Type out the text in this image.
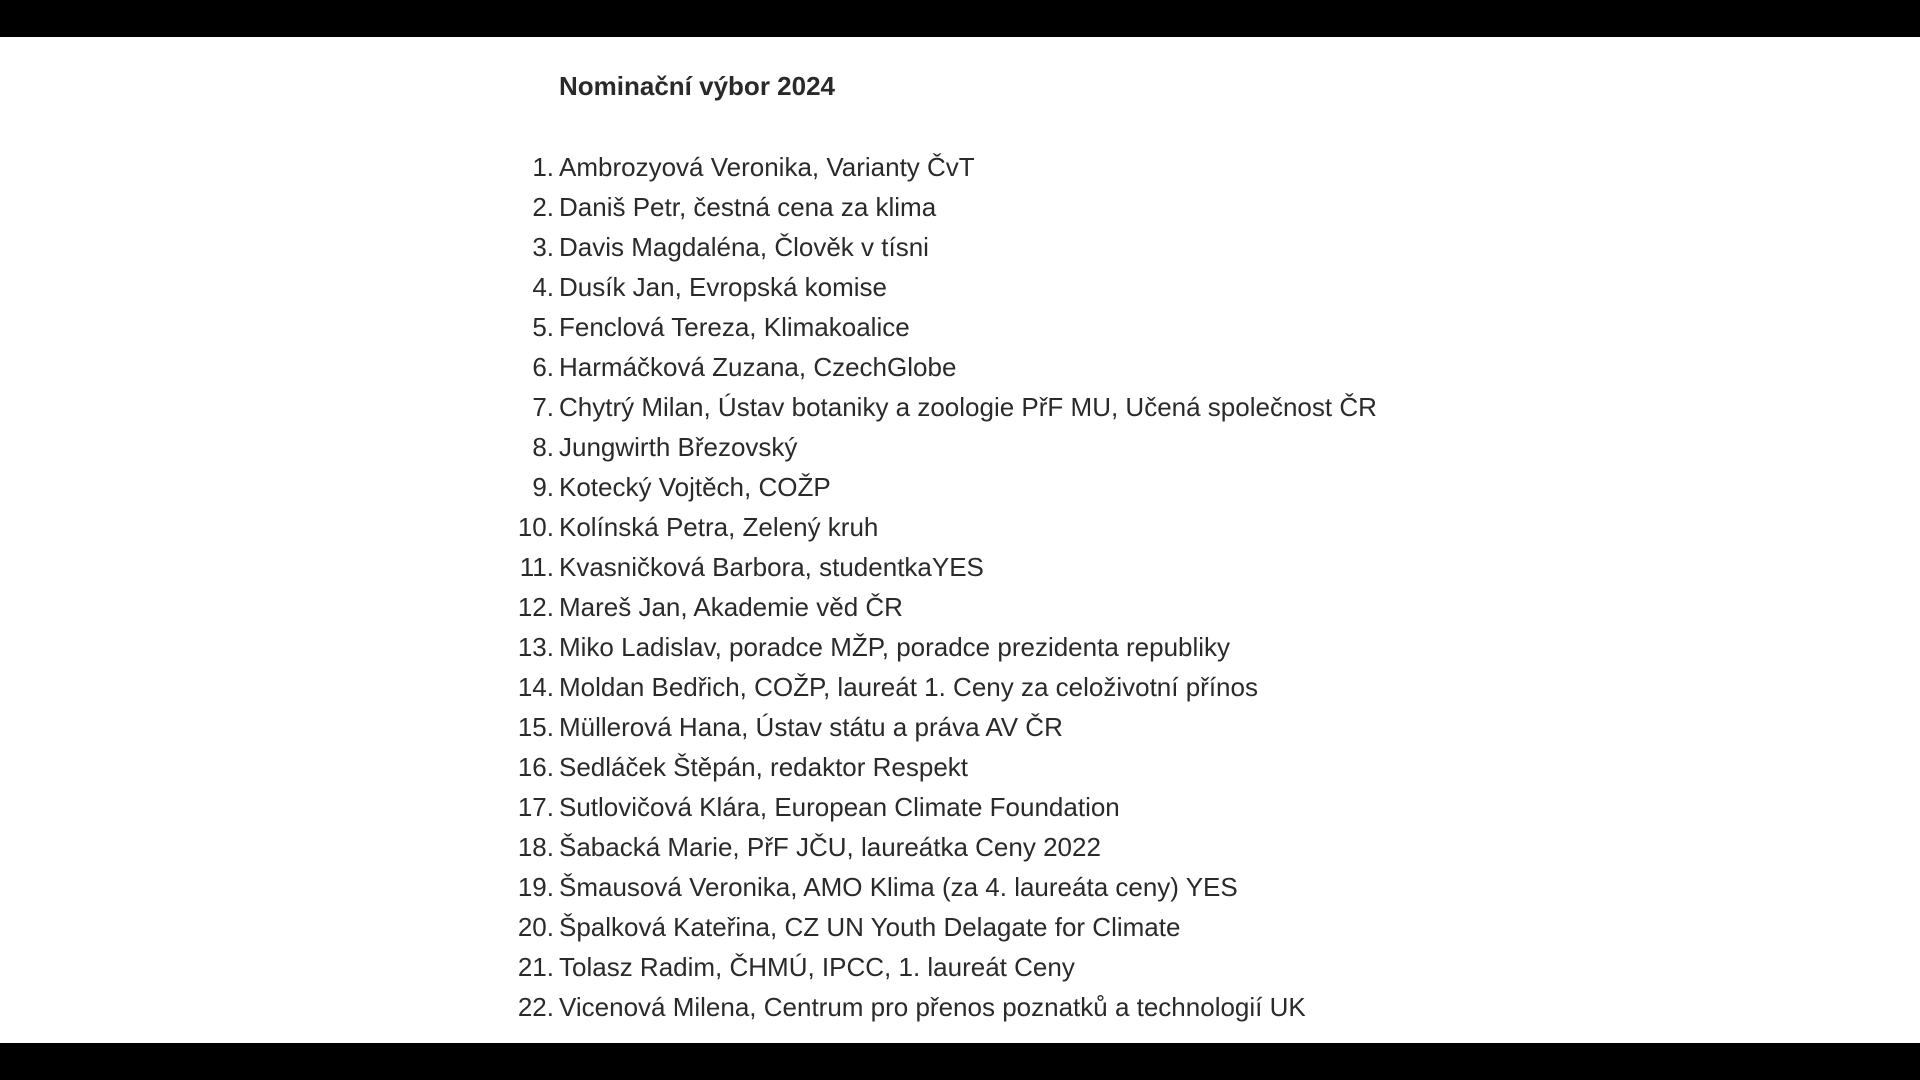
Nominační výbor 2024
1. Ambrozyová Veronika, Varianty ČvT
2. Daniš Petr, čestná cena za klima
3. Davis Magdaléna, Člověk v tísni
4. Dusík Jan, Evropská komise
5. Fenclová Tereza, Klimakoalice
6. Harmáčková Zuzana, CzechGlobe
7. Chytrý Milan, Ústav botaniky a zoologie PřF MU, Učená společnost ČR
8. Jungwirth Březovský
9. Kotecký Vojtěch, COŽP
10. Kolínská Petra, Zelený kruh
11. Kvasničková Barbora, studentkaYES
12. Mareš Jan, Akademie věd ČR
13. Miko Ladislav, poradce MŽP, poradce prezidenta republiky
14. Moldan Bedřich, COŽP, laureát 1. Ceny za celoživotní přínos
15. Müllerová Hana, Ústav státu a práva AV ČR
16. Sedláček Štěpán, redaktor Respekt
17. Sutlovičová Klára, European Climate Foundation
18. Šabacká Marie, PřF JČU, laureátka Ceny 2022
19. Šmausová Veronika, AMO Klima (za 4. laureáta ceny) YES
20. Špalková Kateřina, CZ UN Youth Delagate for Climate
21. Tolasz Radim, ČHMÚ, IPCC, 1. laureát Ceny
22. Vicenová Milena, Centrum pro přenos poznatků a technologií UK
